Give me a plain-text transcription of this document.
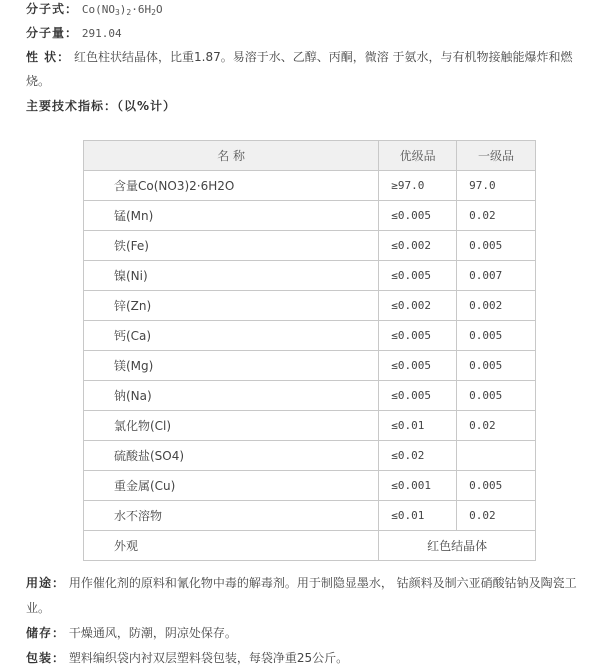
分子式： $Co(NO_3)_2\cdot 6H_2O$
分子量： 291.04
性 状： 红色柱状结晶体，比重1.87。易溶于水、乙醇、丙酮，微溶 于氨水，与有机物接触能爆炸和燃
烧。
主要技术指标：（以%计）
名 称	优级品	一级品
含量Co(NO3)2·6H2O	≥97.0	97.0
锰(Mn)	≤0.005	0.02
铁(Fe)	≤0.002	0.005
镍(Ni)	≤0.005	0.007
锌(Zn)	≤0.002	0.002
钙(Ca)	≤0.005	0.005
镁(Mg)	≤0.005	0.005
钠(Na)	≤0.005	0.005
氯化物(Cl)	≤0.01	0.02
硫酸盐(SO4)	≤0.02	
重金属(Cu)	≤0.001	0.005
水不溶物	≤0.01	0.02
外观	红色结晶体	
用途： 用作催化剂的原料和氰化物中毒的解毒剂。用于制隐显墨水， 钴颜料及制六亚硝酸钴钠及陶瓷工
业。
储存： 干燥通风，防潮，阴凉处保存。
包装： 塑料编织袋内衬双层塑料袋包装，每袋净重25公斤。
